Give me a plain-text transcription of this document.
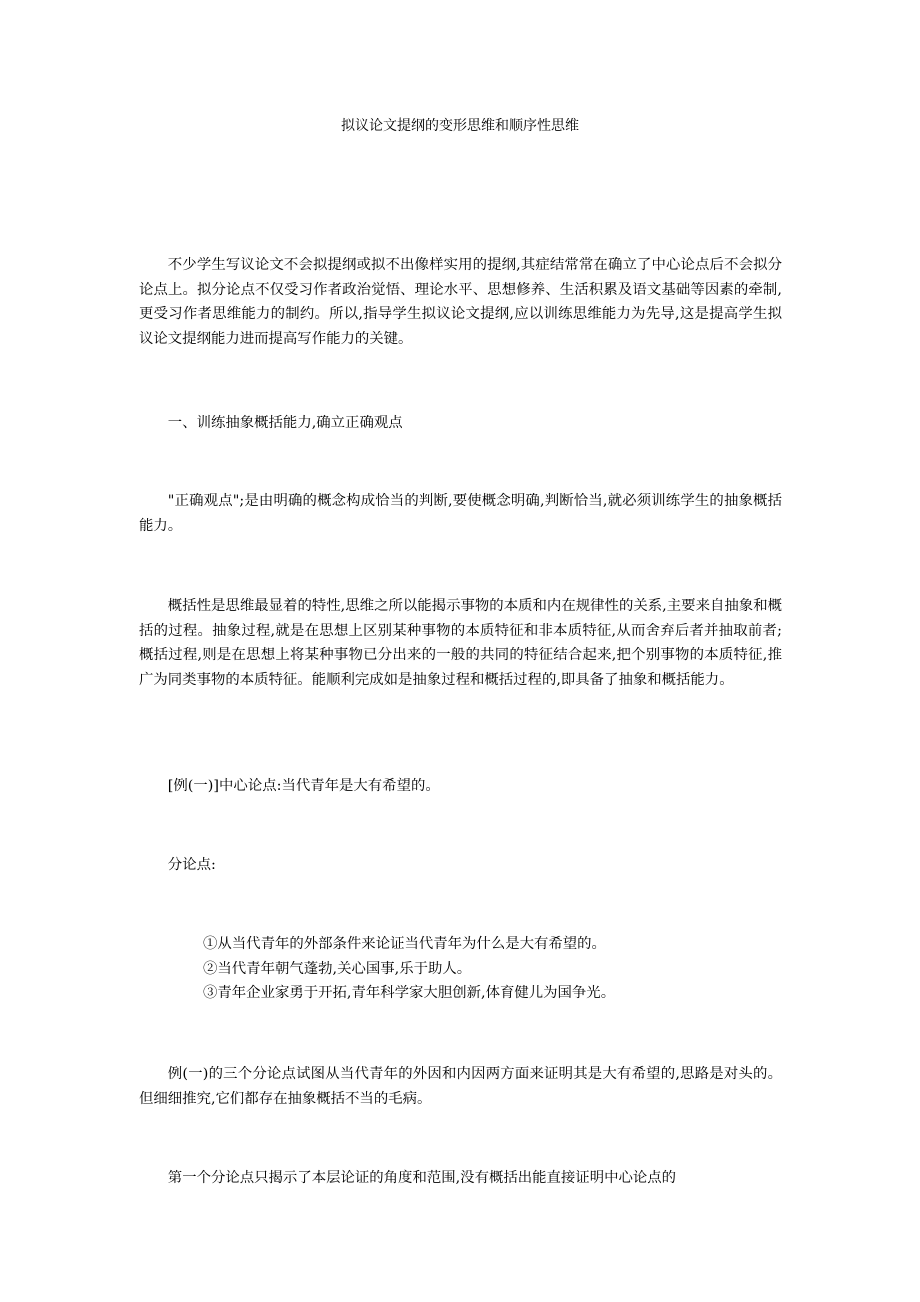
拟议论文提纲的变形思维和顺序性思维

不少学生写议论文不会拟提纲或拟不出像样实用的提纲,其症结常常在确立了中心论点后不会拟分论点上。拟分论点不仅受习作者政治觉悟、理论水平、思想修养、生活积累及语文基础等因素的牵制,更受习作者思维能力的制约。所以,指导学生拟议论文提纲,应以训练思维能力为先导,这是提高学生拟议论文提纲能力进而提高写作能力的关键。

一、训练抽象概括能力,确立正确观点

"正确观点";是由明确的概念构成恰当的判断,要使概念明确,判断恰当,就必须训练学生的抽象概括能力。

概括性是思维最显着的特性,思维之所以能揭示事物的本质和内在规律性的关系,主要来自抽象和概括的过程。抽象过程,就是在思想上区别某种事物的本质特征和非本质特征,从而舍弃后者并抽取前者;概括过程,则是在思想上将某种事物已分出来的一般的共同的特征结合起来,把个别事物的本质特征,推广为同类事物的本质特征。能顺利完成如是抽象过程和概括过程的,即具备了抽象和概括能力。

[例(一)]中心论点:当代青年是大有希望的。

分论点:

①从当代青年的外部条件来论证当代青年为什么是大有希望的。
②当代青年朝气蓬勃,关心国事,乐于助人。
③青年企业家勇于开拓,青年科学家大胆创新,体育健儿为国争光。

例(一)的三个分论点试图从当代青年的外因和内因两方面来证明其是大有希望的,思路是对头的。但细细推究,它们都存在抽象概括不当的毛病。

第一个分论点只揭示了本层论证的角度和范围,没有概括出能直接证明中心论点的
